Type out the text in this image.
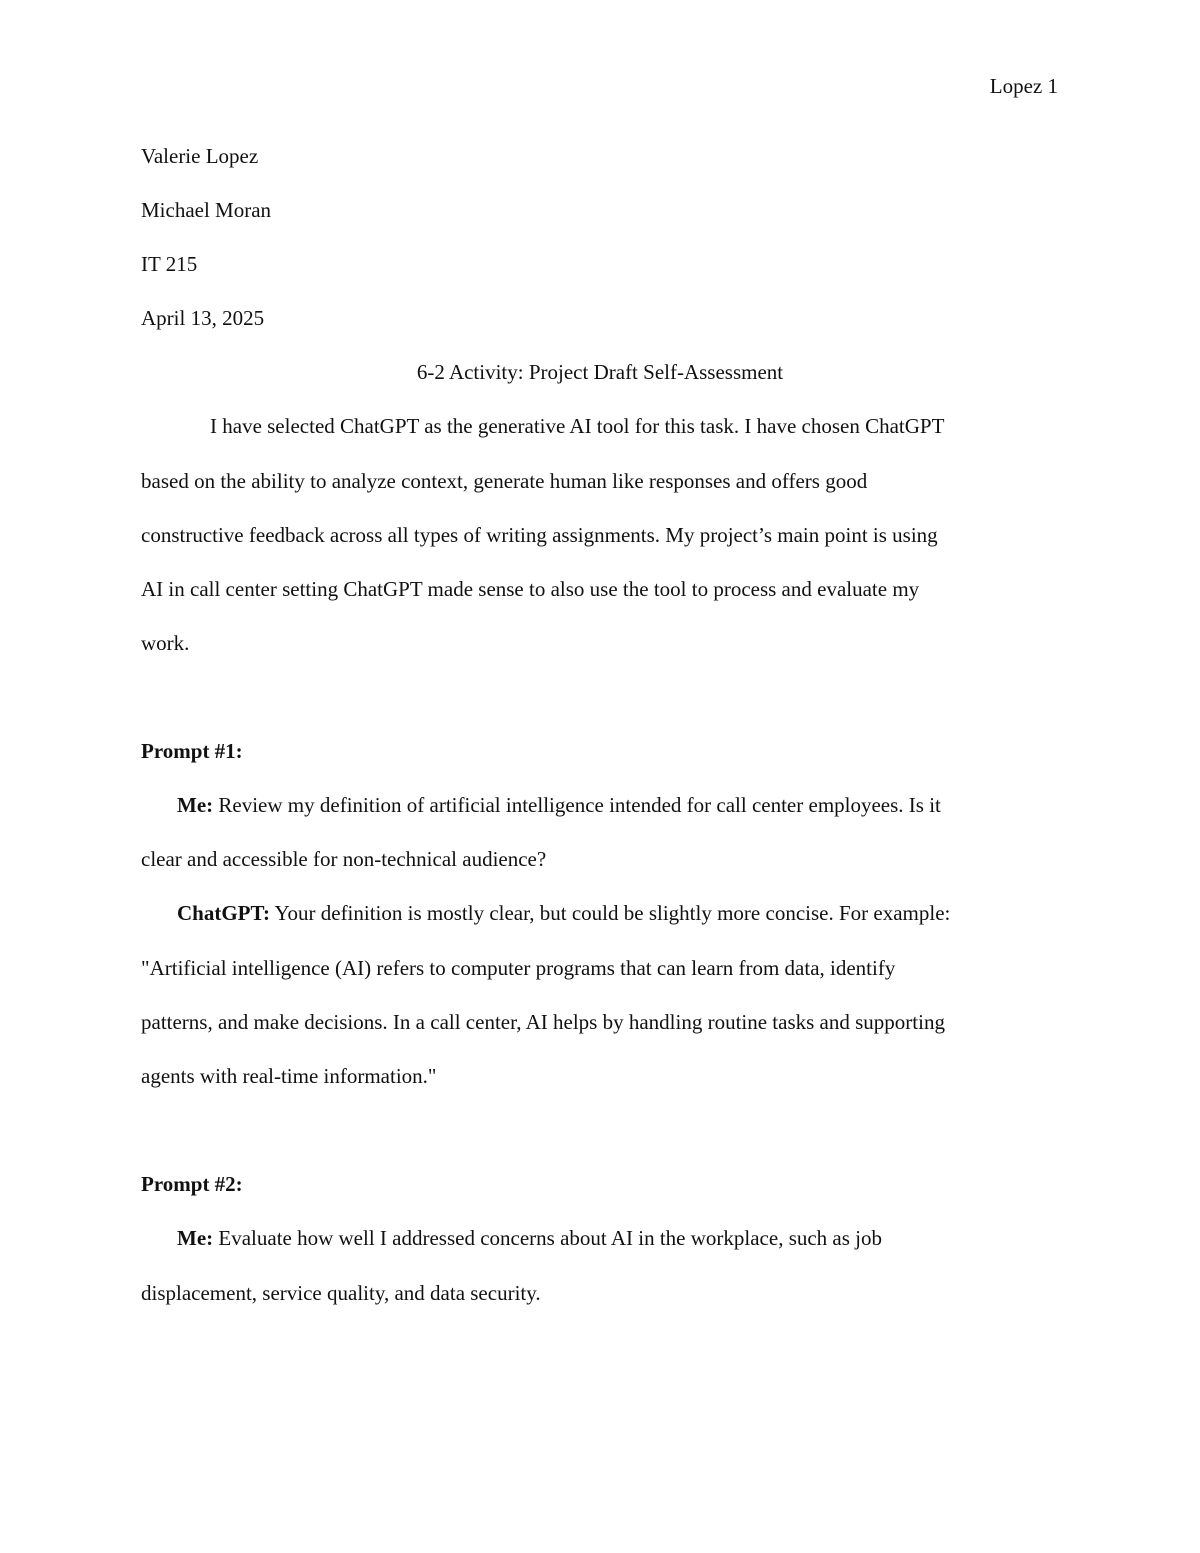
Lopez 1
Valerie Lopez
Michael Moran
IT 215
April 13, 2025
6-2 Activity: Project Draft Self-Assessment
I have selected ChatGPT as the generative AI tool for this task. I have chosen ChatGPT
based on the ability to analyze context, generate human like responses and offers good
constructive feedback across all types of writing assignments. My project’s main point is using
AI in call center setting ChatGPT made sense to also use the tool to process and evaluate my
work.
Prompt #1:
Me: Review my definition of artificial intelligence intended for call center employees. Is it
clear and accessible for non-technical audience?
ChatGPT: Your definition is mostly clear, but could be slightly more concise. For example:
"Artificial intelligence (AI) refers to computer programs that can learn from data, identify
patterns, and make decisions. In a call center, AI helps by handling routine tasks and supporting
agents with real-time information."
Prompt #2:
Me: Evaluate how well I addressed concerns about AI in the workplace, such as job
displacement, service quality, and data security.
